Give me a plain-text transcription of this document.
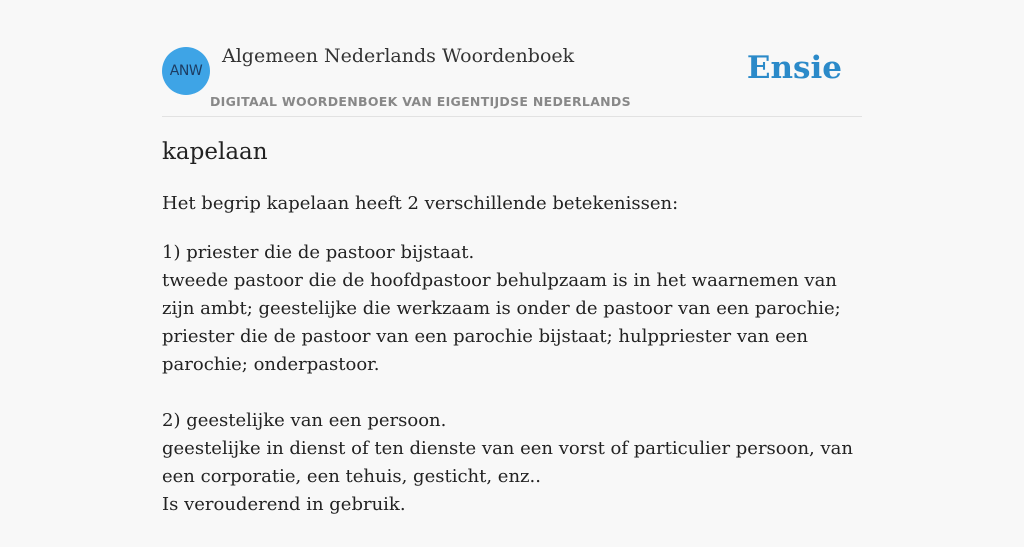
ANW
Algemeen Nederlands Woordenboek
DIGITAAL WOORDENBOEK VAN EIGENTIJDSE NEDERLANDS
Ensie
kapelaan
Het begrip kapelaan heeft 2 verschillende betekenissen:
1) priester die de pastoor bijstaat.
tweede pastoor die de hoofdpastoor behulpzaam is in het waarnemen van zijn ambt; geestelijke die werkzaam is onder de pastoor van een parochie; priester die de pastoor van een parochie bijstaat; hulppriester van een parochie; onderpastoor.
2) geestelijke van een persoon.
geestelijke in dienst of ten dienste van een vorst of particulier persoon, van een corporatie, een tehuis, gesticht, enz..
Is verouderend in gebruik.
